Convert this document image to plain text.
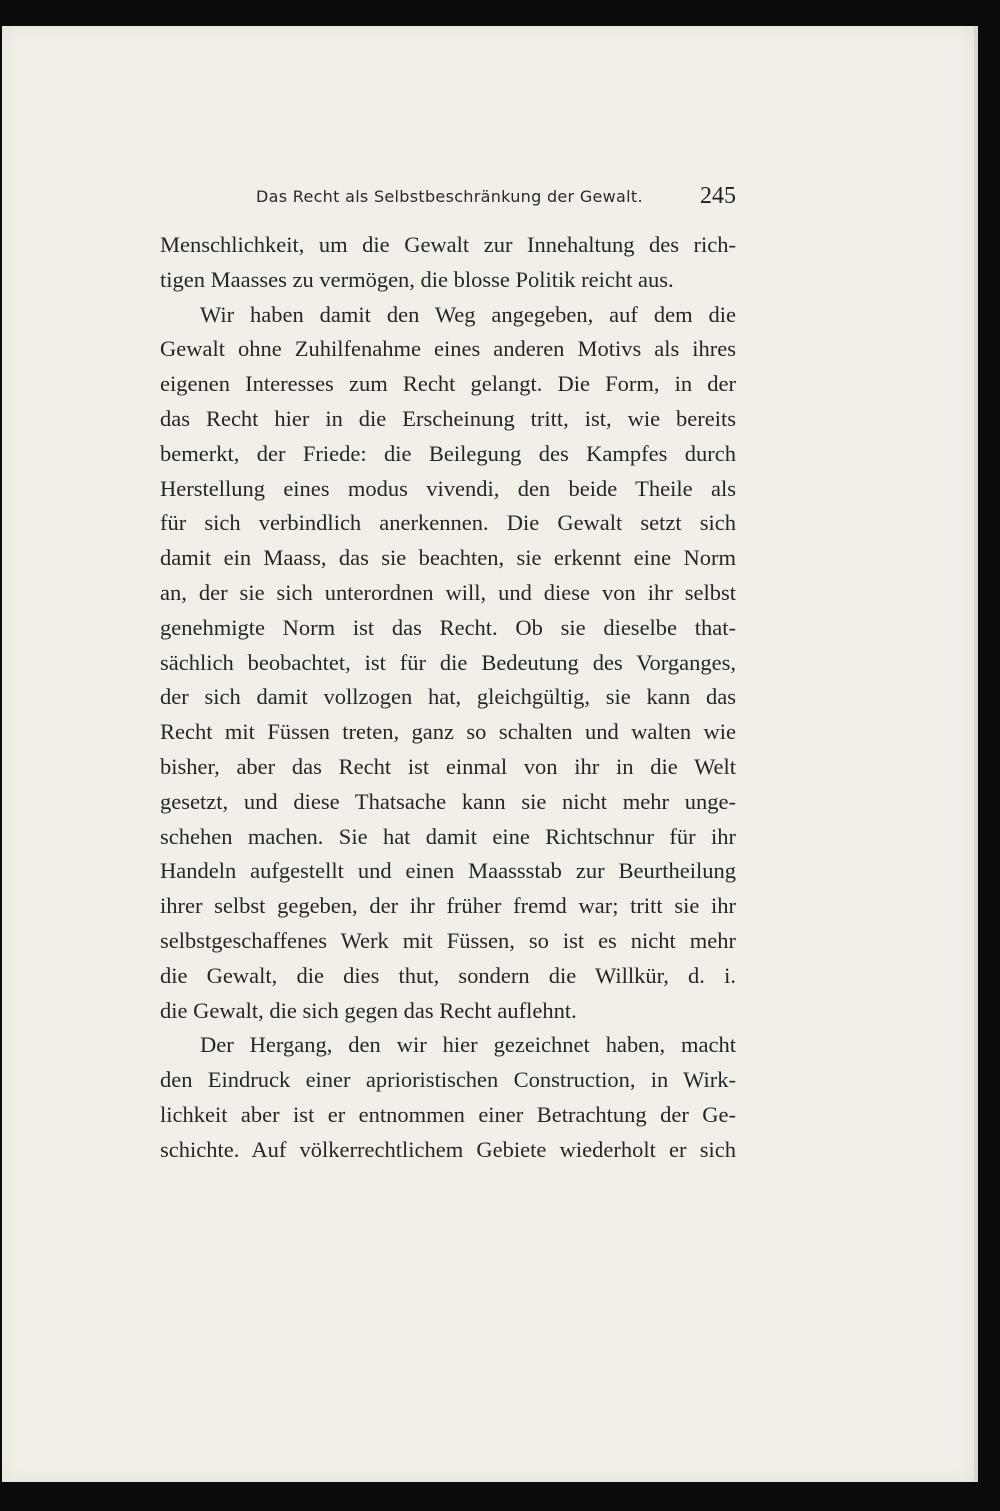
Das Recht als Selbstbeschränkung der Gewalt. 245
Menschlichkeit, um die Gewalt zur Innehaltung des rich-
tigen Maasses zu vermögen, die blosse Politik reicht aus.
Wir haben damit den Weg angegeben, auf dem die
Gewalt ohne Zuhilfenahme eines anderen Motivs als ihres
eigenen Interesses zum Recht gelangt. Die Form, in der
das Recht hier in die Erscheinung tritt, ist, wie bereits
bemerkt, der Friede: die Beilegung des Kampfes durch
Herstellung eines modus vivendi, den beide Theile als
für sich verbindlich anerkennen. Die Gewalt setzt sich
damit ein Maass, das sie beachten, sie erkennt eine Norm
an, der sie sich unterordnen will, und diese von ihr selbst
genehmigte Norm ist das Recht. Ob sie dieselbe that-
sächlich beobachtet, ist für die Bedeutung des Vorganges,
der sich damit vollzogen hat, gleichgültig, sie kann das
Recht mit Füssen treten, ganz so schalten und walten wie
bisher, aber das Recht ist einmal von ihr in die Welt
gesetzt, und diese Thatsache kann sie nicht mehr unge-
schehen machen. Sie hat damit eine Richtschnur für ihr
Handeln aufgestellt und einen Maassstab zur Beurtheilung
ihrer selbst gegeben, der ihr früher fremd war; tritt sie ihr
selbstgeschaffenes Werk mit Füssen, so ist es nicht mehr
die Gewalt, die dies thut, sondern die Willkür, d. i.
die Gewalt, die sich gegen das Recht auflehnt.
Der Hergang, den wir hier gezeichnet haben, macht
den Eindruck einer aprioristischen Construction, in Wirk-
lichkeit aber ist er entnommen einer Betrachtung der Ge-
schichte. Auf völkerrechtlichem Gebiete wiederholt er sich
